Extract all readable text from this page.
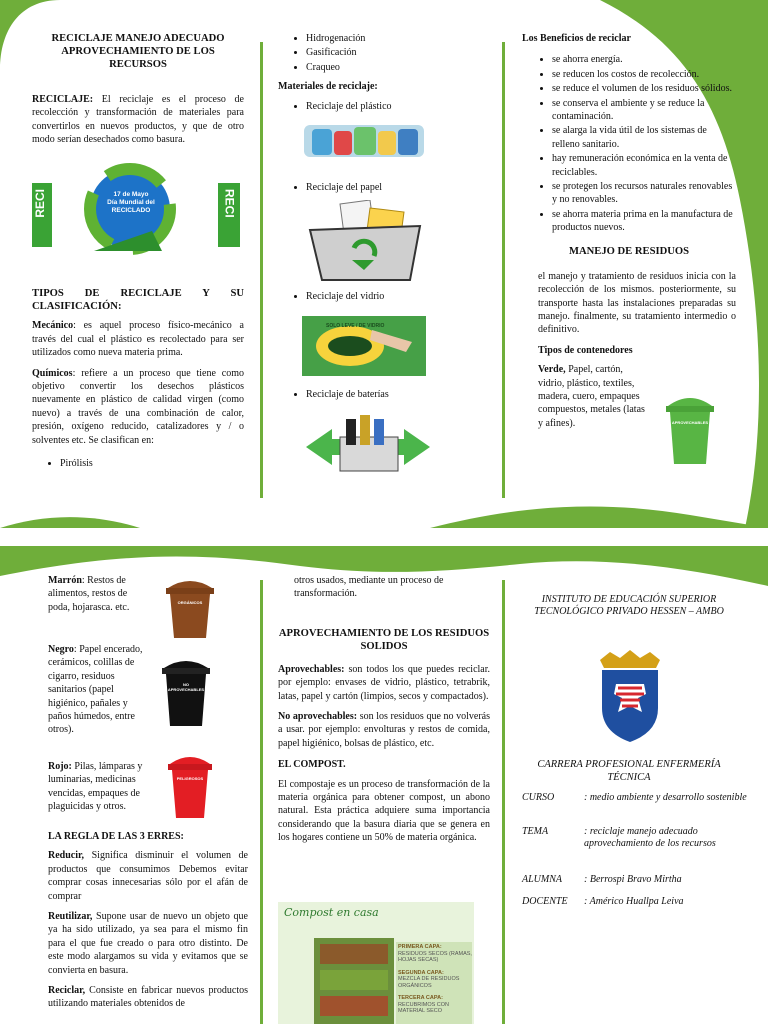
RECICLAJE MANEJO ADECUADO APROVECHAMIENTO DE LOS RECURSOS

RECICLAJE: El reciclaje es el proceso de recolección y transformación de materiales para convertirlos en nuevos productos, y que de otro modo serían desechados como basura.

17 de Mayo
Día Mundial del
RECICLADO
RECI	RECI
TIPOS DE RECICLAJE Y SU CLASIFICACIÓN:

Mecánico: es aquel proceso físico-mecánico a través del cual el plástico es recolectado para ser utilizados como nueva materia prima.

Químicos: refiere a un proceso que tiene como objetivo convertir los desechos plásticos nuevamente en plástico de calidad virgen (como nuevo) a través de una combinación de calor, presión, oxígeno reducido, catalizadores y / o solventes etc. Se clasifican en:

• Pirólisis
• Hidrogenación
• Gasificación
• Craqueo
Materiales de reciclaje:
• Reciclaje del plástico
• Reciclaje del papel
• Reciclaje del vidrio
SOLO LEVE / DE VIDRIO
• Reciclaje de baterías
Los Beneficios de reciclar
• se ahorra energía.
• se reducen los costos de recolección.
• se reduce el volumen de los residuos sólidos.
• se conserva el ambiente y se reduce la contaminación.
• se alarga la vida útil de los sistemas de relleno sanitario.
• hay remuneración económica en la venta de reciclables.
• se protegen los recursos naturales renovables y no renovables.
• se ahorra materia prima en la manufactura de productos nuevos.
MANEJO DE RESIDUOS

el manejo y tratamiento de residuos inicia con la recolección de los mismos. posteriormente, su transporte hasta las instalaciones preparadas su manejo. finalmente, su tratamiento intermedio o definitivo.

Tipos de contenedores

Verde, Papel, cartón, vidrio, plástico, textiles, madera, cuero, empaques compuestos, metales (latas y afines).	APROVECHABLES

Marrón: Restos de alimentos, restos de poda, hojarasca. etc.

Negro: Papel encerado, cerámicos, colillas de cigarro, residuos sanitarios (papel higiénico, pañales y paños húmedos, entre otros).

Rojo: Pilas, lámparas y luminarias, medicinas vencidas, empaques de plaguicidas y otros.

LA REGLA DE LAS 3 ERRES:

Reducir, Significa disminuir el volumen de productos que consumimos Debemos evitar comprar cosas innecesarias sólo por el afán de comprar

Reutilizar, Supone usar de nuevo un objeto que ya ha sido utilizado, ya sea para el mismo fin para el que fue creado o para otro distinto. De este modo alargamos su vida y evitamos que se convierta en basura.

Reciclar, Consiste en fabricar nuevos productos utilizando materiales obtenidos de

ORGÁNICOS
NO APROVECHABLES
PELIGROSOS

otros usados, mediante un proceso de transformación.

APROVECHAMIENTO DE LOS RESIDUOS SOLIDOS

Aprovechables: son todos los que puedes reciclar. por ejemplo: envases de vidrio, plástico, tetrabrik, latas, papel y cartón (limpios, secos y compactados).

No aprovechables: son los residuos que no volverás a usar. por ejemplo: envolturas y restos de comida, papel higiénico, bolsas de plástico, etc.

EL COMPOST.

El compostaje es un proceso de transformación de la materia orgánica para obtener compost, un abono natural. Esta práctica adquiere suma importancia considerando que la basura diaria que se genera en los hogares contiene un 50% de materia orgánica.

Compost en casa
PRIMERA CAPA:
RESIDUOS SECOS (RAMAS, HOJAS SECAS)
SEGUNDA CAPA:
MEZCLA DE RESIDUOS ORGÁNICOS
TERCERA CAPA:
RECUBRIMOS CON MATERIAL SECO
INSTITUTO DE EDUCACIÓN SUPERIOR TECNOLÓGICO PRIVADO HESSEN – AMBO
CARRERA PROFESIONAL ENFERMERÍA TÉCNICA
CURSO	: medio ambiente y desarrollo sostenible
TEMA	: reciclaje manejo adecuado aprovechamiento de los recursos
ALUMNA	: Berrospi Bravo Mirtha
DOCENTE	: Américo Huallpa Leiva
